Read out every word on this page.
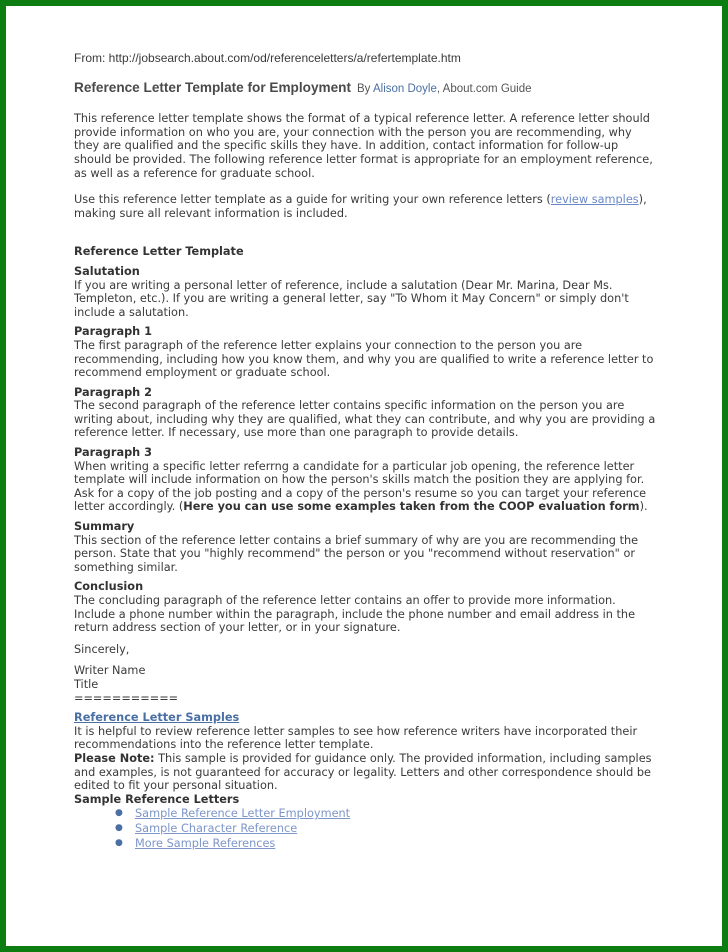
From: http://jobsearch.about.com/od/referenceletters/a/refertemplate.htm

Reference Letter Template for Employment By Alison Doyle, About.com Guide

This reference letter template shows the format of a typical reference letter. A reference letter should provide information on who you are, your connection with the person you are recommending, why they are qualified and the specific skills they have. In addition, contact information for follow-up should be provided. The following reference letter format is appropriate for an employment reference, as well as a reference for graduate school.

Use this reference letter template as a guide for writing your own reference letters (review samples), making sure all relevant information is included.

Reference Letter Template

Salutation

If you are writing a personal letter of reference, include a salutation (Dear Mr. Marina, Dear Ms. Templeton, etc.). If you are writing a general letter, say "To Whom it May Concern" or simply don't include a salutation.

Paragraph 1

The first paragraph of the reference letter explains your connection to the person you are recommending, including how you know them, and why you are qualified to write a reference letter to recommend employment or graduate school.

Paragraph 2

The second paragraph of the reference letter contains specific information on the person you are writing about, including why they are qualified, what they can contribute, and why you are providing a reference letter. If necessary, use more than one paragraph to provide details.

Paragraph 3

When writing a specific letter referrng a candidate for a particular job opening, the reference letter template will include information on how the person's skills match the position they are applying for. Ask for a copy of the job posting and a copy of the person's resume so you can target your reference letter accordingly. (Here you can use some examples taken from the COOP evaluation form).

Summary

This section of the reference letter contains a brief summary of why are you are recommending the person. State that you "highly recommend" the person or you "recommend without reservation" or something similar.

Conclusion

The concluding paragraph of the reference letter contains an offer to provide more information. Include a phone number within the paragraph, include the phone number and email address in the return address section of your letter, or in your signature.

Sincerely,

Writer Name

Title

===========

Reference Letter Samples

It is helpful to review reference letter samples to see how reference writers have incorporated their recommendations into the reference letter template.

Please Note: This sample is provided for guidance only. The provided information, including samples and examples, is not guaranteed for accuracy or legality. Letters and other correspondence should be edited to fit your personal situation.

Sample Reference Letters

● Sample Reference Letter Employment
● Sample Character Reference
● More Sample References
